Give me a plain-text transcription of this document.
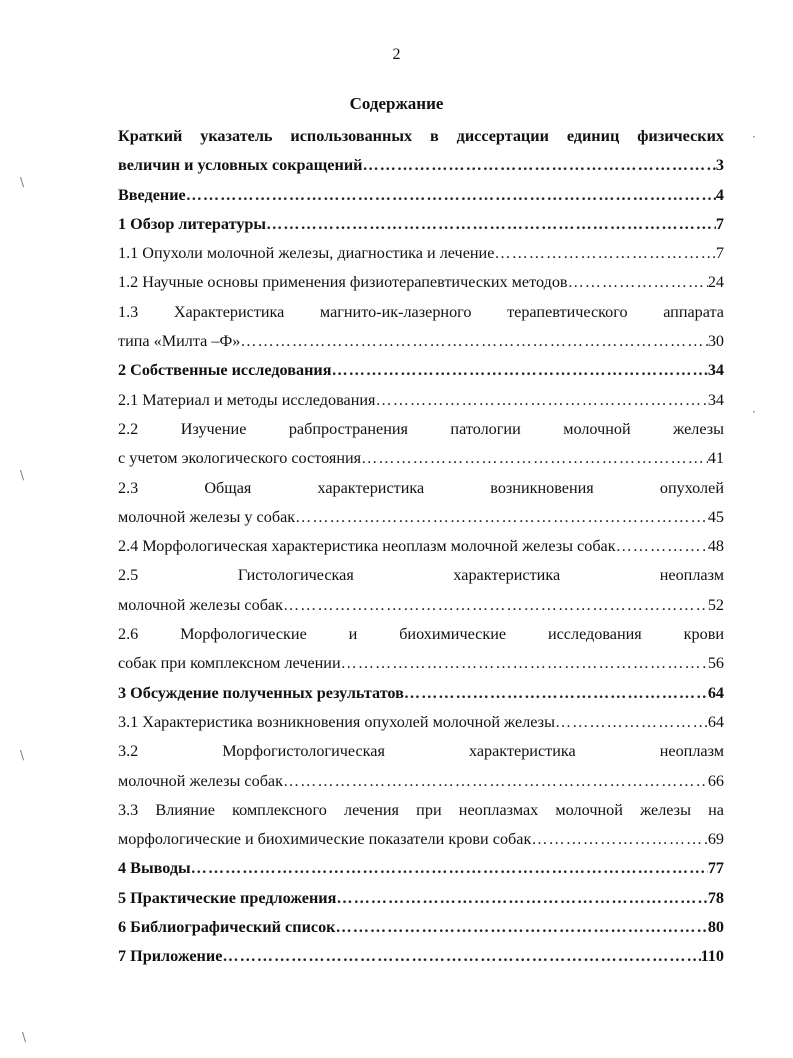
2
Содержание
Краткий указатель использованных в диссертации единиц физических
величин и условных сокращений ……………………………………………………………………………………………………………………………………………………………………	3
Введение ……………………………………………………………………………………………………………………………………………………………………	4
1 Обзор литературы ……………………………………………………………………………………………………………………………………………………………………	7
1.1 Опухоли молочной железы, диагностика и лечение ……………………………………………………………………………………………………………………………………………………………………	7
1.2 Научные основы применения физиотерапевтических методов ……………………………………………………………………………………………………………………………………………………………………	24
1.3 Характеристика магнито-ик-лазерного терапевтического аппарата
типа «Милта –Ф» ……………………………………………………………………………………………………………………………………………………………………	30
2 Собственные исследования ……………………………………………………………………………………………………………………………………………………………………	34
2.1 Материал и методы исследования ……………………………………………………………………………………………………………………………………………………………………	34
2.2 Изучение рабпространения патологии молочной железы
с учетом экологического состояния ……………………………………………………………………………………………………………………………………………………………………	41
2.3 Общая характеристика возникновения опухолей
молочной железы у собак ……………………………………………………………………………………………………………………………………………………………………	45
2.4 Морфологическая характеристика неоплазм молочной железы собак ……………………………………………………………………………………………………………………………………………………………………	48
2.5 Гистологическая характеристика неоплазм
молочной железы собак ……………………………………………………………………………………………………………………………………………………………………	52
2.6 Морфологические и биохимические исследования крови
собак при комплексном лечении ……………………………………………………………………………………………………………………………………………………………………	56
3 Обсуждение полученных результатов ……………………………………………………………………………………………………………………………………………………………………	64
3.1 Характеристика возникновения опухолей молочной железы ……………………………………………………………………………………………………………………………………………………………………	64
3.2 Морфогистологическая характеристика неоплазм
молочной железы собак ……………………………………………………………………………………………………………………………………………………………………	66
3.3 Влияние комплексного лечения при неоплазмах молочной железы на
морфологические и биохимические показатели крови собак ……………………………………………………………………………………………………………………………………………………………………	69
4 Выводы ……………………………………………………………………………………………………………………………………………………………………	77
5 Практические предложения ……………………………………………………………………………………………………………………………………………………………………	78
6 Библиографический список ……………………………………………………………………………………………………………………………………………………………………	80
7 Приложение ……………………………………………………………………………………………………………………………………………………………………	110
\
\
\
\
·
·
